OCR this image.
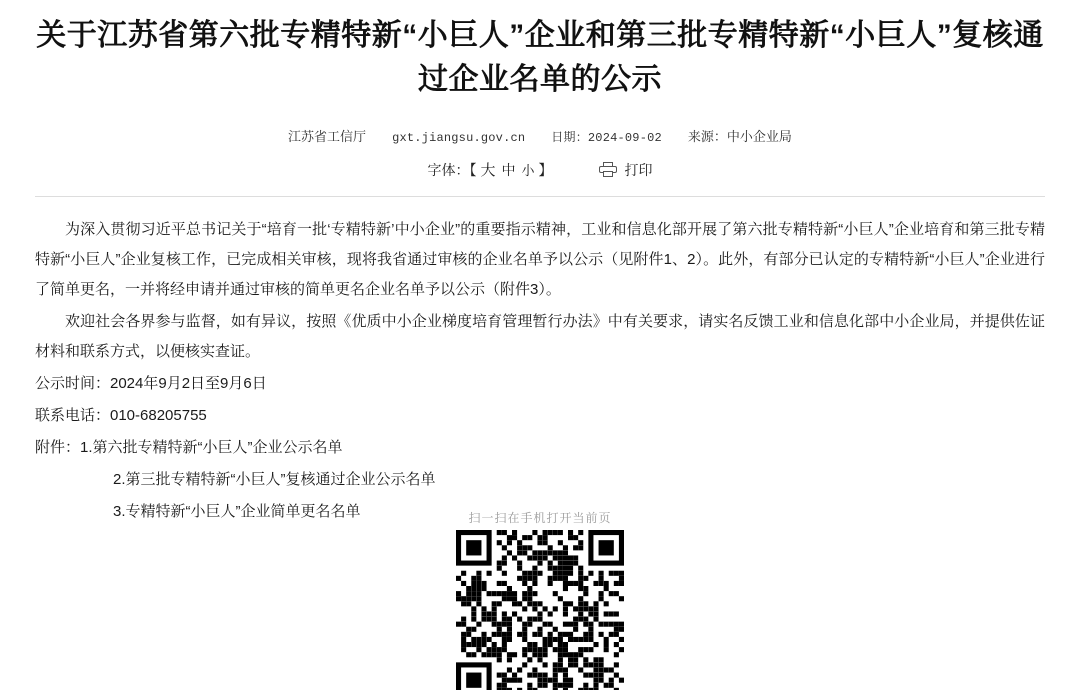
关于江苏省第六批专精特新“小巨人”企业和第三批专精特新“小巨人”复核通过企业名单的公示
江苏省工信厅 gxt.jiangsu.gov.cn 日期：2024-09-02 来源：中小企业局
字体：【 大 中 小 】	打印

为深入贯彻习近平总书记关于“培育一批‘专精特新’中小企业”的重要指示精神，工业和信息化部开展了第六批专精特新“小巨人”企业培育和第三批专精特新“小巨人”企业复核工作，已完成相关审核，现将我省通过审核的企业名单予以公示（见附件1、2）。此外，有部分已认定的专精特新“小巨人”企业进行了简单更名，一并将经申请并通过审核的简单更名企业名单予以公示（附件3）。

欢迎社会各界参与监督，如有异议，按照《优质中小企业梯度培育管理暂行办法》中有关要求，请实名反馈工业和信息化部中小企业局，并提供佐证材料和联系方式，以便核实查证。

公示时间：2024年9月2日至9月6日

联系电话：010-68205755

附件：1.第六批专精特新“小巨人”企业公示名单

2.第三批专精特新“小巨人”复核通过企业公示名单

3.专精特新“小巨人”企业简单更名名单	扫一扫在手机打开当前页
